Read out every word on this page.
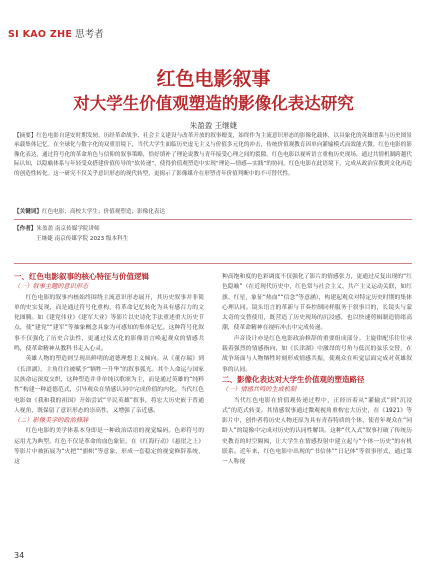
SI KAO ZHE 思考者
红色电影叙事
对大学生价值观塑造的影像化表达研究
朱盈盈 王继婕
【摘要】红色电影自延安时期发轫，历经革命战争、社会主义建设与改革开放的叙事嬗变，始终作为主流意识形态的影像化载体，以具象化的英雄谱系与历史图景承载集体记忆。在全球化与数字化的双重语境下，当代大学生面临历史虚无主义与价值多元化的冲击，传统价值观教育因单向灌输模式而效能式微。红色电影的影像化表达，通过符号化的革命角色与信仰的叙事策略，恰好填补了理论说教与青年接受心理之间的裂隙。红色电影以视听语言重构历史现场，通过共情机制跨越代际认知，以隐喻体系与年轻受众搭建价值传导的“软传递”，使得价值观塑造中实现“理论—情感—实践”的协同。红色电影在此语境下，完成从政治宣教到文化再造的创造性转化。这一研究不仅关乎意识形态的现代转型，更揭示了影像媒介在形塑青年价值判断中的不可替代性。
【关键词】红色电影；高校大学生；价值观塑造；影像化表达
【作者】朱盈盈 南京传媒学院讲师
王继婕 南京传媒学院 2023 级本科生

一、红色电影叙事的核心特征与价值逻辑

（一）叙事主题的意识形态

红色电影的叙事内核始终围绕主流意识形态展开，其历史叙事并非简单的史实复现，而是通过符号化重构，将革命记忆转化为具有感召力的文化图腾。如《建党伟业》《建军大业》等影片以史诗化手法重述重大历史节点，使“建党”“建军”等抽象概念具象为可感知的集体记忆。这种符号化叙事不仅强化了历史合法性，更通过仪式化的影像语言唤起观众的情感共鸣，使革命精神从教科书走入心灵。

英雄人物的塑造则呈现出鲜明的道德理想主义倾向。从《董存瑞》到《长津湖》，主角往往被赋予“牺牲一升华”的叙事弧光。其个人命运与国家民族命运深度交织，这种塑造并非单纯以歌颂为主，而是通过英雄的“纯粹性”构建一种道德范式，引导观众在情感认同中完成价值的内化。当代红色电影如《我和我的祖国》开始尝试“平民英雄”叙事，将宏大历史嵌于普通人视角，既保留了意识形态的崇高性，又增强了亲近感。

（二）影像美学的政治修辞

红色电影的美学体系本身即是一种政治话语的视觉编码。色彩符号的运用尤为典型。红色不仅是革命的血色象征，在《红海行动》《悬崖之上》等影片中被拓展为“火把”“旗帜”等意象，形成一套稳定的视觉修辞系统，这

种高饱和度的色彩调度不仅强化了影片的情感张力，更通过反复出现的“红色隐喻”（在近现代历史中，红色常与社会主义、共产主义运动关联，如红旗、红星，象征“热血”“信念”等意涵），构建起观众对特定历史时期的集体心理认同。镜头语言的革新与节奏控制同样服务于叙事目的，长镜头与蒙太奇的交替使用，既营造了历史现场的沉浸感，也以快速剪辑制造情绪高潮，使革命精神在视听冲击中完成传递。

声音设计亦是红色电影政治修辞的重要组成部分。主旋律配乐往往承载着强烈的情感指向，如《长津湖》中激昂的号角与低沉的弦乐交替，在战争场面与人物牺牲时刻形成情感共振，使观众在听觉层面完成对英雄叙事的认同。

二、影像化表达对大学生价值观的塑造路径

（一）情感共鸣的生成机制

当代红色电影在价值观传递过程中，正经历着从“灌输式”到“沉浸式”的范式转变。其情感叙事通过微观视角重构宏大历史，在《1921》等影片中，创作者将历史人物还原为具有青春特质的个体，使青年观众在“同龄人”的镜像中完成对历史的认同性解读。这种“代入式”叙事打破了传统历史教育的时空隔阂，让大学生在情感投射中建立起与“个体一历史”的有机联系。近年来，红色电影中出现的“书信体”“日记体”等叙事形式，通过第一人称视

34
